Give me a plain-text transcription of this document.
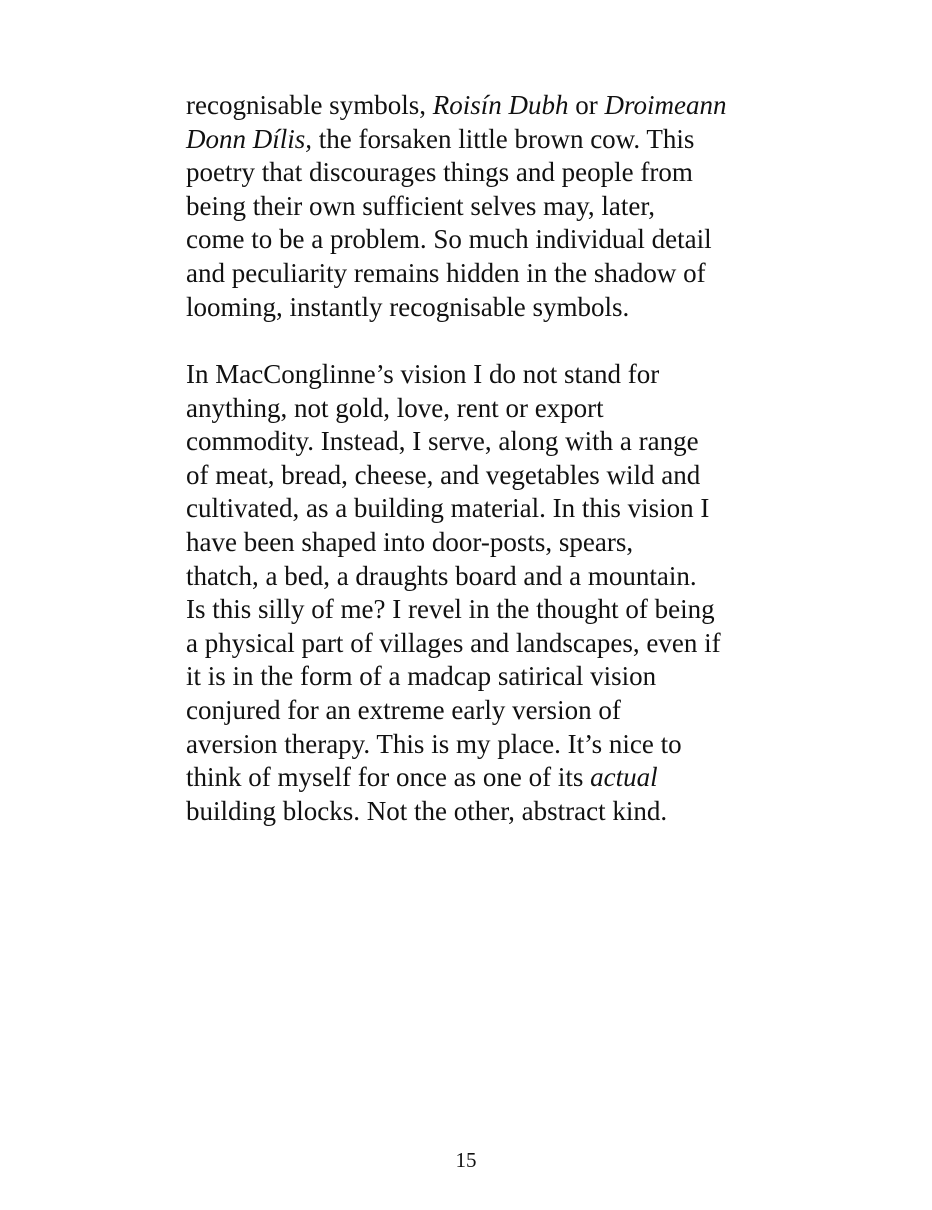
recognisable symbols, Roisín Dubh or Droimeann
Donn Dílis, the forsaken little brown cow. This
poetry that discourages things and people from
being their own sufficient selves may, later,
come to be a problem. So much individual detail
and peculiarity remains hidden in the shadow of
looming, instantly recognisable symbols.

In MacConglinne’s vision I do not stand for
anything, not gold, love, rent or export
commodity. Instead, I serve, along with a range
of meat, bread, cheese, and vegetables wild and
cultivated, as a building material. In this vision I
have been shaped into door-posts, spears,
thatch, a bed, a draughts board and a mountain.
Is this silly of me? I revel in the thought of being
a physical part of villages and landscapes, even if
it is in the form of a madcap satirical vision
conjured for an extreme early version of
aversion therapy. This is my place. It’s nice to
think of myself for once as one of its actual
building blocks. Not the other, abstract kind.

15
